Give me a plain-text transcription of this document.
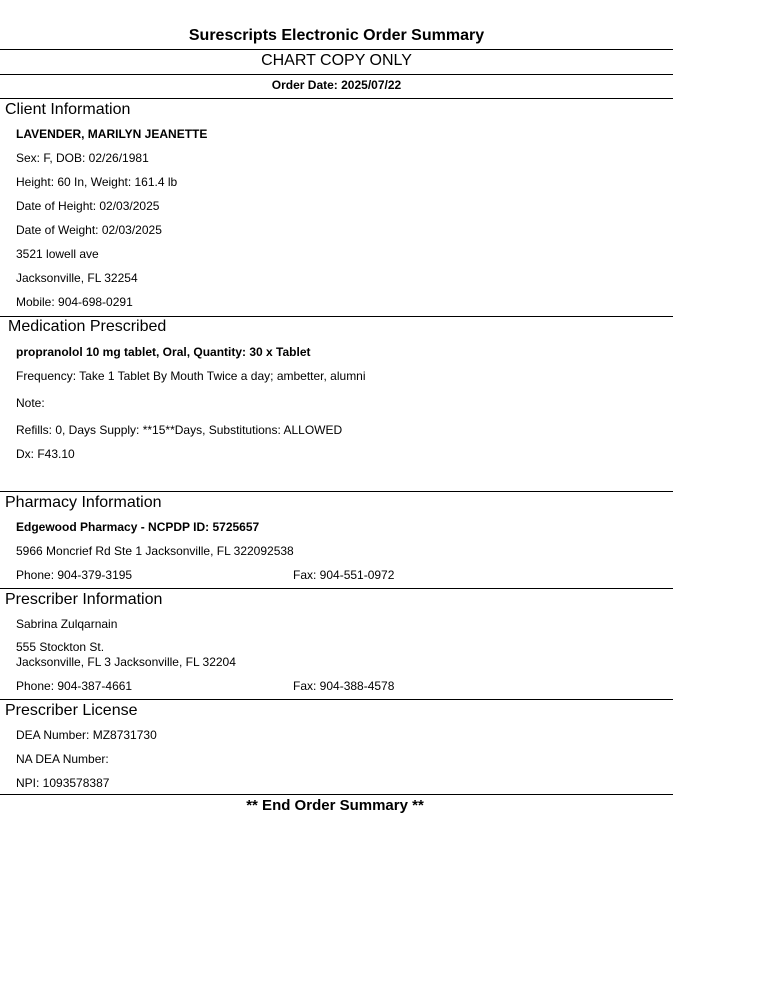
Surescripts Electronic Order Summary
CHART COPY ONLY
Order Date: 2025/07/22
Client Information
LAVENDER, MARILYN JEANETTE
Sex: F, DOB: 02/26/1981
Height: 60 In, Weight: 161.4 lb
Date of Height: 02/03/2025
Date of Weight: 02/03/2025
3521 lowell ave
Jacksonville, FL 32254
Mobile: 904-698-0291
Medication Prescribed
propranolol 10 mg tablet, Oral, Quantity: 30 x Tablet
Frequency: Take 1 Tablet By Mouth Twice a day; ambetter, alumni
Note:
Refills: 0, Days Supply: **15**Days, Substitutions: ALLOWED
Dx: F43.10
Pharmacy Information
Edgewood Pharmacy - NCPDP ID: 5725657
5966 Moncrief Rd Ste 1 Jacksonville, FL 322092538
Phone: 904-379-3195	Fax: 904-551-0972
Prescriber Information
Sabrina Zulqarnain
555 Stockton St.
Jacksonville, FL 3 Jacksonville, FL 32204
Phone: 904-387-4661	Fax: 904-388-4578
Prescriber License
DEA Number: MZ8731730
NA DEA Number:
NPI: 1093578387
** End Order Summary **
